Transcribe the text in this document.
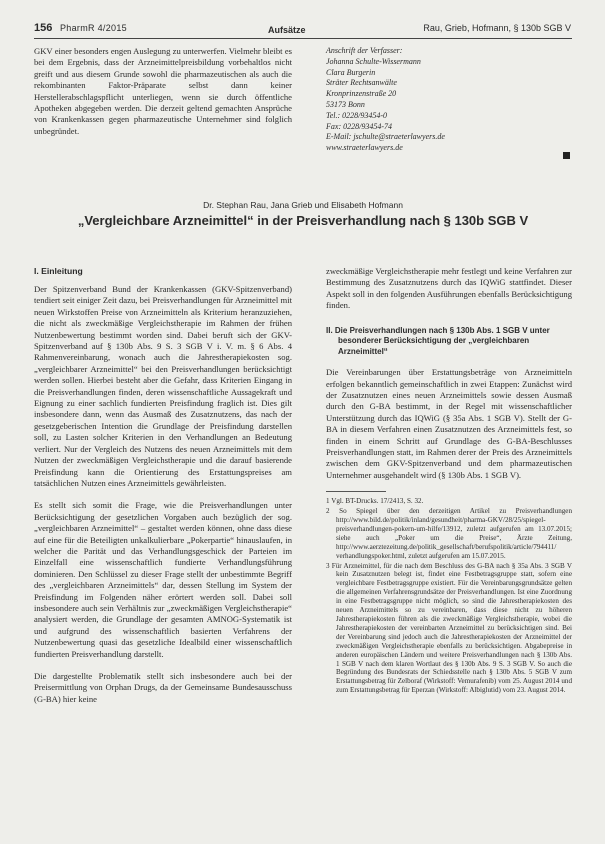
156 PharmR 4/2015	Aufsätze	Rau, Grieb, Hofmann, § 130b SGB V

GKV einer besonders engen Auslegung zu unterwerfen. Vielmehr bleibt es bei dem Ergebnis, dass der Arzneimittelpreisbildung vorbehaltlos nicht greift und aus diesem Grunde sowohl die pharmazeutischen als auch die rekombinanten Faktor-Präparate selbst dann keiner Herstellerabschlagspflicht unterliegen, wenn sie durch öffentliche Apotheken abgegeben werden. Die derzeit geltend gemachten Ansprüche von Krankenkassen gegen pharmazeutische Unternehmer sind folglich unbegründet.

Anschrift der Verfasser:
Johanna Schulte-Wissermann
Clara Burgerin
Sträter Rechtsanwälte
Kronprinzenstraße 20
53173 Bonn
Tel.: 0228/93454-0
Fax: 0228/93454-74
E-Mail: jschulte@straeterlawyers.de
www.straeterlawyers.de
Dr. Stephan Rau, Jana Grieb und Elisabeth Hofmann
„Vergleichbare Arzneimittel“ in der Preisverhandlung nach § 130b SGB V
I. Einleitung

Der Spitzenverband Bund der Krankenkassen (GKV-Spitzenverband) tendiert seit einiger Zeit dazu, bei Preisverhandlungen für Arzneimittel mit neuen Wirkstoffen Preise von Arzneimitteln als Kriterium heranzuziehen, die nicht als zweckmäßige Vergleichstherapie im Rahmen der frühen Nutzenbewertung bestimmt worden sind. Dabei beruft sich der GKV-Spitzenverband auf § 130b Abs. 9 S. 3 SGB V i. V. m. § 6 Abs. 4 Rahmenvereinbarung, wonach auch die Jahrestherapiekosten sog. „vergleichbarer Arzneimittel“ bei den Preisverhandlungen berücksichtigt werden sollen. Hierbei besteht aber die Gefahr, dass Kriterien Eingang in die Preisverhandlungen finden, deren wissenschaftliche Aussagekraft und Eignung zu einer sachlich fundierten Preisfindung fraglich ist. Dies gilt insbesondere dann, wenn das Ausmaß des Zusatznutzens, das nach der gesetzgeberischen Intention die Grundlage der Preisfindung darstellen soll, zu Lasten solcher Kriterien in den Verhandlungen an Bedeutung verliert. Nur der Vergleich des Nutzens des neuen Arzneimittels mit dem Nutzen der zweckmäßigen Vergleichstherapie und die darauf basierende Preisfindung kann die Orientierung des Erstattungspreises am tatsächlichen Nutzen eines Arzneimittels gewährleisten.

Es stellt sich somit die Frage, wie die Preisverhandlungen unter Berücksichtigung der gesetzlichen Vorgaben auch bezüglich der sog. „vergleichbaren Arzneimittel“ – gestaltet werden können, ohne dass diese auf eine für die Beteiligten unkalkulierbare „Pokerpartie“ hinauslaufen, in welcher die Parität und das Verhandlungsgeschick der Parteien im Einzelfall eine wissenschaftlich fundierte Verhandlungsführung dominieren. Den Schlüssel zu dieser Frage stellt der unbestimmte Begriff des „vergleichbaren Arzneimittels“ dar, dessen Stellung im System der Preisfindung im Folgenden näher erörtert werden soll. Dabei soll insbesondere auch sein Verhältnis zur „zweckmäßigen Vergleichstherapie“ analysiert werden, die Grundlage der gesamten AMNOG-Systematik ist und aufgrund des wissenschaftlich basierten Verfahrens der Nutzenbewertung quasi das gesetzliche Idealbild einer wissenschaftlich fundierten Preisverhandlung darstellt.

Die dargestellte Problematik stellt sich insbesondere auch bei der Preisermittlung von Orphan Drugs, da der Gemeinsame Bundesausschuss (G-BA) hier keine

zweckmäßige Vergleichstherapie mehr festlegt und keine Verfahren zur Bestimmung des Zusatznutzens durch das IQWiG stattfindet. Dieser Aspekt soll in den folgenden Ausführungen ebenfalls Berücksichtigung finden.

II. Die Preisverhandlungen nach § 130b Abs. 1 SGB V unter besonderer Berücksichtigung der „vergleichbaren Arzneimittel“

Die Vereinbarungen über Erstattungsbeträge von Arzneimitteln erfolgen bekanntlich gemeinschaftlich in zwei Etappen: Zunächst wird der Zusatznutzen eines neuen Arzneimittels sowie dessen Ausmaß durch den G-BA bestimmt, in der Regel mit wissenschaftlicher Unterstützung durch das IQWiG (§ 35a Abs. 1 SGB V). Stellt der G-BA in diesem Verfahren einen Zusatznutzen des Arzneimittels fest, so finden in einem Schritt auf Grundlage des G-BA-Beschlusses Preisverhandlungen statt, im Rahmen derer der Preis des Arzneimittels zwischen dem GKV-Spitzenverband und dem pharmazeutischen Unternehmer ausgehandelt wird (§ 130b Abs. 1 SGB V).

1 Vgl. BT-Drucks. 17/2413, S. 32.

2 So Spiegel über den derzeitigen Artikel zu Preisverhandlungen http://www.bild.de/politik/inland/gesundheit/pharma-GKV/28/25/spiegel-preisverhandlungen-pokern-um-hilfe/13912, zuletzt aufgerufen am 13.07.2015; siehe auch „Poker um die Preise“, Ärzte Zeitung, http://www.aerztezeitung.de/politik_gesellschaft/berufspolitik/article/794411/ verhandlungspoker.html, zuletzt aufgerufen am 15.07.2015.

3 Für Arzneimittel, für die nach dem Beschluss des G-BA nach § 35a Abs. 3 SGB V kein Zusatznutzen belegt ist, findet eine Festbetragsgruppe statt, sofern eine vergleichbare Festbetragsgruppe existiert. Für die Vereinbarungsgrundsätze gelten die allgemeinen Verfahrensgrundsätze der Preisverhandlungen. Ist eine Zuordnung in eine Festbetragsgruppe nicht möglich, so sind die Jahrestherapiekosten des neuen Arzneimittels so zu vereinbaren, dass diese nicht zu höheren Jahrestherapiekosten führen als die zweckmäßige Vergleichstherapie, wobei die Jahrestherapiekosten der vereinbarten Arzneimittel zu berücksichtigen sind. Bei der Vereinbarung sind jedoch auch die Jahrestherapiekosten der Arzneimittel der zweckmäßigen Vergleichstherapie ebenfalls zu berücksichtigen. Abgabepreise in anderen europäischen Ländern und weitere Preisverhandlungen nach § 130b Abs. 1 SGB V nach dem klaren Wortlaut des § 130b Abs. 9 S. 3 SGB V. So auch die Begründung des Bundesrats der Schiedsstelle nach § 130b Abs. 5 SGB V zum Erstattungsbetrag für Zelboraf (Wirkstoff: Vemurafenib) vom 25. August 2014 und zum Erstattungsbetrag für Eperzan (Wirkstoff: Albiglutid) vom 23. August 2014.
